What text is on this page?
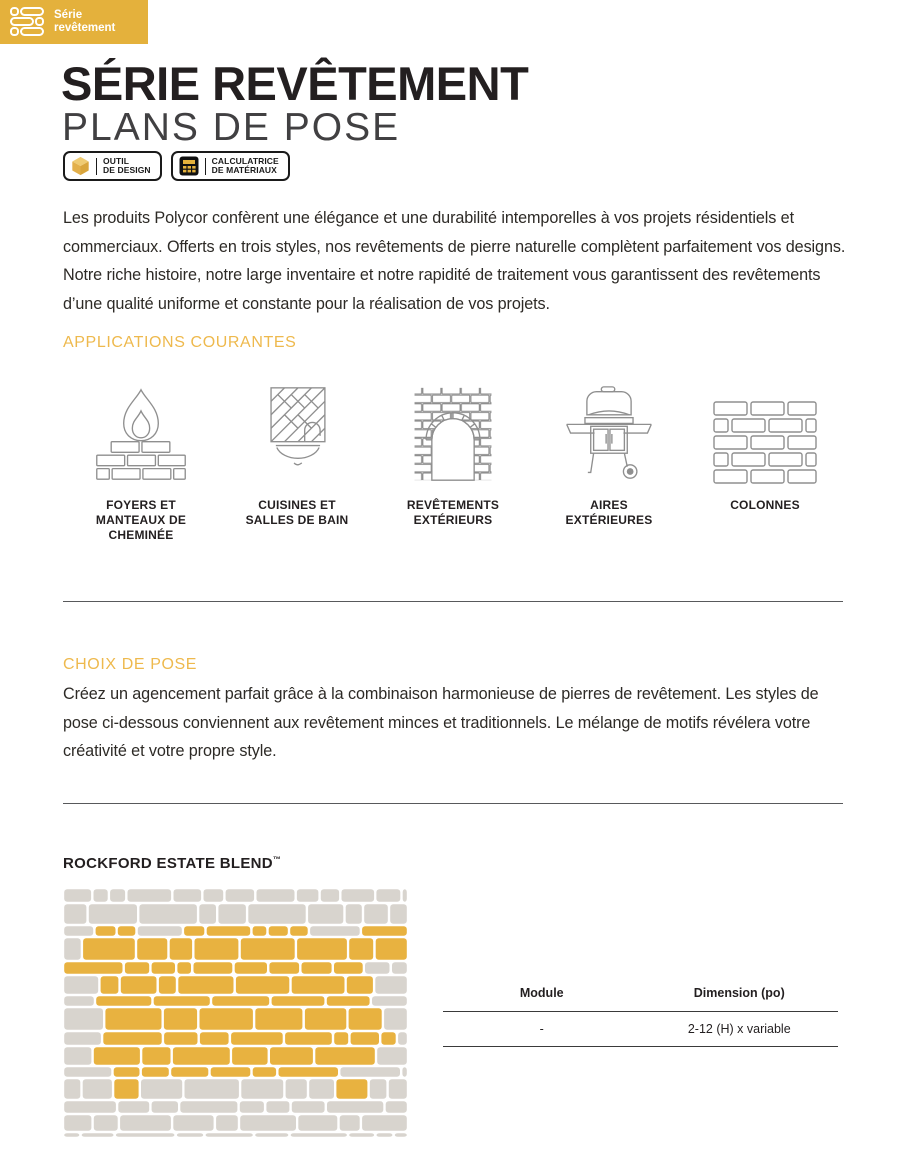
Série
revêtement
SÉRIE REVÊTEMENT
PLANS DE POSE
OUTIL
DE DESIGN
CALCULATRICE
DE MATÉRIAUX

Les produits Polycor confèrent une élégance et une durabilité intemporelles à vos projets résidentiels et commerciaux. Offerts en trois styles, nos revêtements de pierre naturelle complètent parfaitement vos designs. Notre riche histoire, notre large inventaire et notre rapidité de traitement vous garantissent des revêtements d’une qualité uniforme et constante pour la réalisation de vos projets.

APPLICATIONS COURANTES
FOYERS ET
MANTEAUX DE
CHEMINÉE
CUISINES ET
SALLES DE BAIN
REVÊTEMENTS
EXTÉRIEURS
AIRES
EXTÉRIEURES
COLONNES
CHOIX DE POSE

Créez un agencement parfait grâce à la combinaison harmonieuse de pierres de revêtement. Les styles de pose ci-dessous conviennent aux revêtement minces et traditionnels. Le mélange de motifs révélera votre créativité et votre propre style.

ROCKFORD ESTATE BLEND™
Module	Dimension (po)
-	2-12 (H) x variable
